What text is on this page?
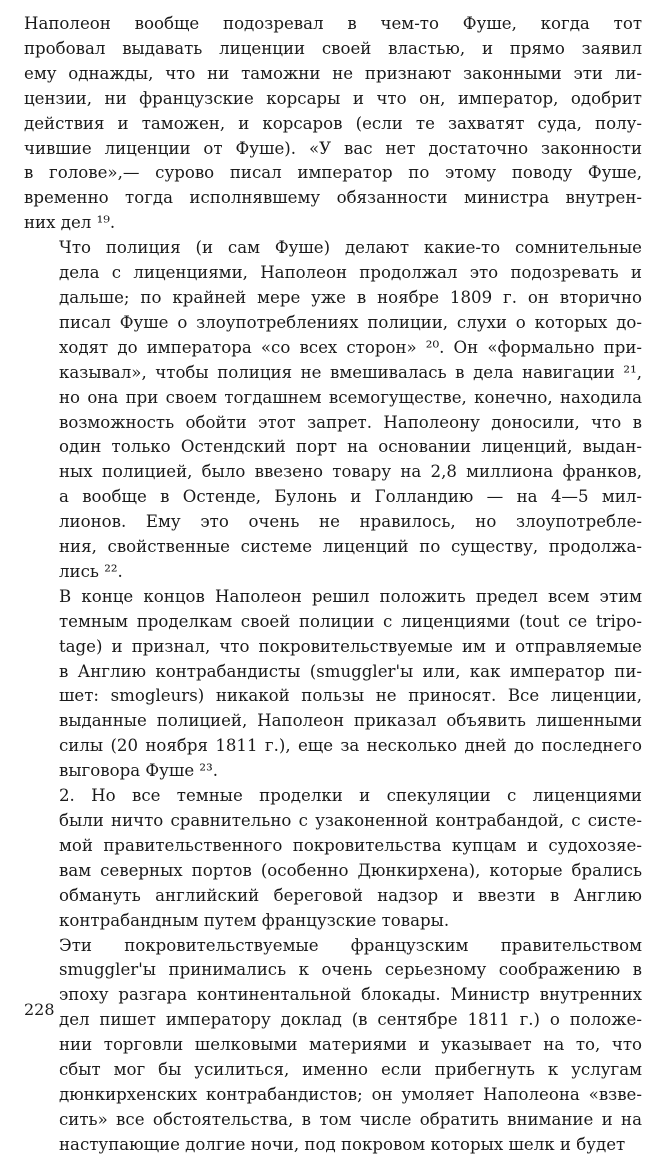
Наполеон вообще подозревал в чем-то Фуше, когда тот
пробовал выдавать лиценции своей властью, и прямо заявил
ему однажды, что ни таможни не признают законными эти ли-
цензии, ни французские корсары и что он, император, одобрит
действия и таможен, и корсаров (если те захватят суда, полу-
чившие лиценции от Фуше). «У вас нет достаточно законности
в голове»,— сурово писал император по этому поводу Фуше,
временно тогда исполнявшему обязанности министра внутрен-
них дел ¹⁹.
Что полиция (и сам Фуше) делают какие-то сомнительные
дела с лиценциями, Наполеон продолжал это подозревать и
дальше; по крайней мере уже в ноябре 1809 г. он вторично
писал Фуше о злоупотреблениях полиции, слухи о которых до-
ходят до императора «со всех сторон» ²⁰. Он «формально при-
казывал», чтобы полиция не вмешивалась в дела навигации ²¹,
но она при своем тогдашнем всемогуществе, конечно, находила
возможность обойти этот запрет. Наполеону доносили, что в
один только Остендский порт на основании лиценций, выдан-
ных полицией, было ввезено товару на 2,8 миллиона франков,
а вообще в Остенде, Булонь и Голландию — на 4—5 мил-
лионов. Ему это очень не нравилось, но злоупотребле-
ния, свойственные системе лиценций по существу, продолжа-
лись ²².
В конце концов Наполеон решил положить предел всем этим
темным проделкам своей полиции с лиценциями (tout ce tripo-
tage) и признал, что покровительствуемые им и отправляемые
в Англию контрабандисты (smuggler'ы или, как император пи-
шет: smogleurs) никакой пользы не приносят. Все лиценции,
выданные полицией, Наполеон приказал объявить лишенными
силы (20 ноября 1811 г.), еще за несколько дней до последнего
выговора Фуше ²³.
2. Но все темные проделки и спекуляции с лиценциями
были ничто сравнительно с узаконенной контрабандой, с систе-
мой правительственного покровительства купцам и судохозяе-
вам северных портов (особенно Дюнкирхена), которые брались
обмануть английский береговой надзор и ввезти в Англию
контрабандным путем французские товары.
Эти покровительствуемые французским правительством
smuggler'ы принимались к очень серьезному соображению в
эпоху разгара континентальной блокады. Министр внутренних
дел пишет императору доклад (в сентябре 1811 г.) о положе-
нии торговли шелковыми материями и указывает на то, что
сбыт мог бы усилиться, именно если прибегнуть к услугам
дюнкирхенских контрабандистов; он умоляет Наполеона «взве-
сить» все обстоятельства, в том числе обратить внимание и на
наступающие долгие ночи, под покровом которых шелк и будет
228
